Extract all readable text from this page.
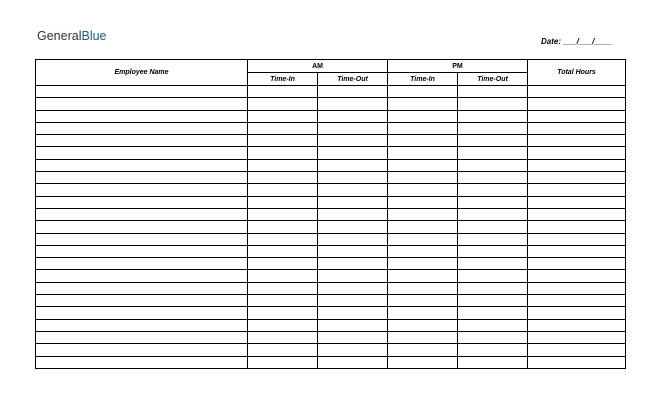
· · · · · · · · ·
GeneralBlue	Date: ___/___/____
Employee Name	AM		PM		Total Hours
	Time-In	Time-Out	Time-In	Time-Out	
